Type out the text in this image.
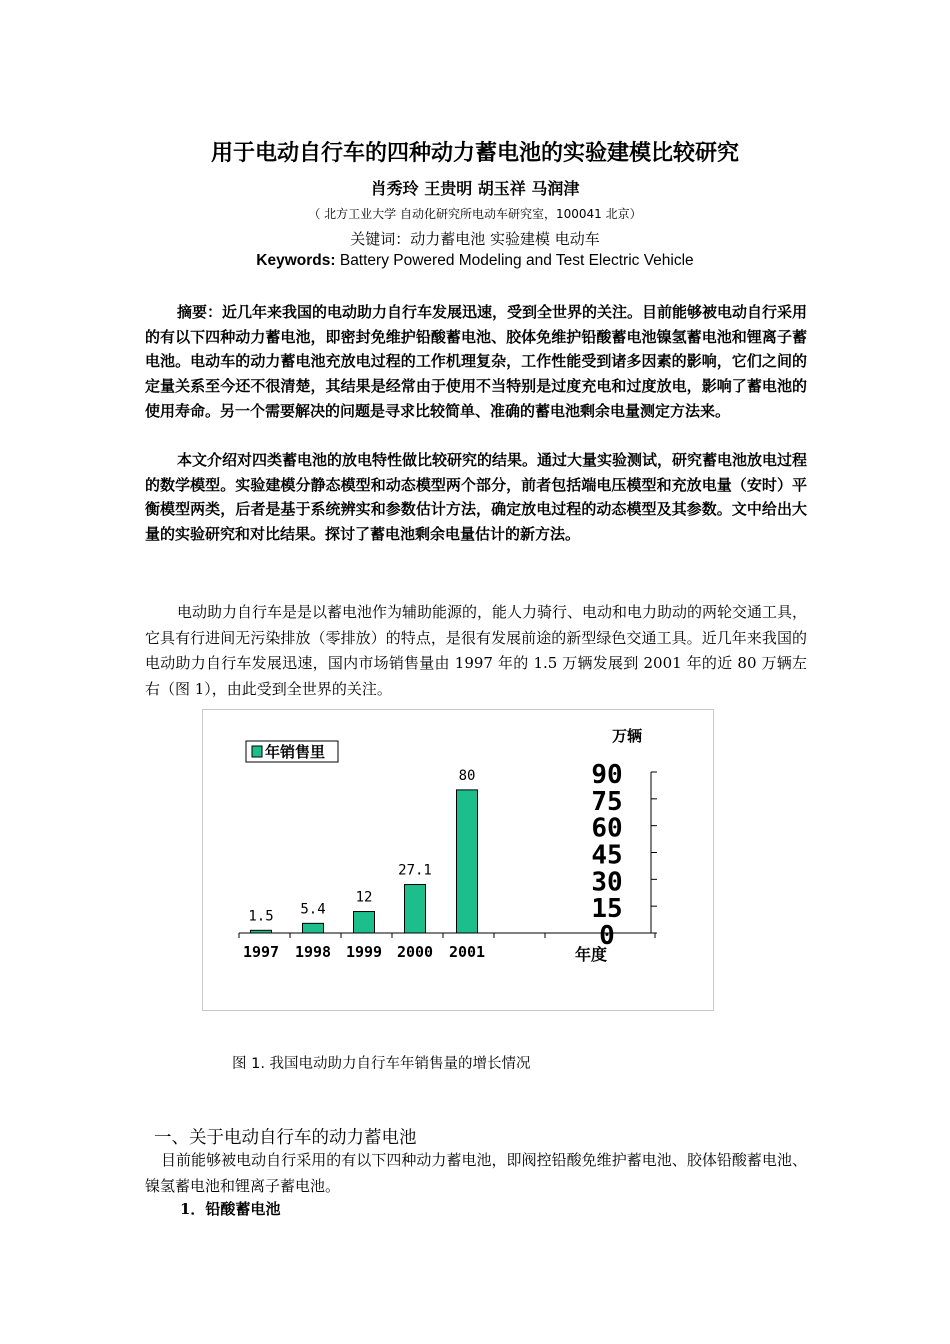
用于电动自行车的四种动力蓄电池的实验建模比较研究
肖秀玲 王贵明 胡玉祥 马润津
（ 北方工业大学 自动化研究所电动车研究室，100041 北京）
关键词：动力蓄电池 实验建模 电动车
Keywords: Battery Powered Modeling and Test Electric Vehicle
摘要：近几年来我国的电动助力自行车发展迅速，受到全世界的关注。目前能够被电动自行采用的有以下四种动力蓄电池，即密封免维护铅酸蓄电池、胶体免维护铅酸蓄电池镍氢蓄电池和锂离子蓄电池。电动车的动力蓄电池充放电过程的工作机理复杂，工作性能受到诸多因素的影响，它们之间的定量关系至今还不很清楚，其结果是经常由于使用不当特别是过度充电和过度放电，影响了蓄电池的使用寿命。另一个需要解决的问题是寻求比较简单、准确的蓄电池剩余电量测定方法来。
本文介绍对四类蓄电池的放电特性做比较研究的结果。通过大量实验测试，研究蓄电池放电过程的数学模型。实验建模分静态模型和动态模型两个部分，前者包括端电压模型和充放电量（安时）平衡模型两类，后者是基于系统辨实和参数估计方法，确定放电过程的动态模型及其参数。文中给出大量的实验研究和对比结果。探讨了蓄电池剩余电量估计的新方法。
电动助力自行车是是以蓄电池作为辅助能源的，能人力骑行、电动和电力助动的两轮交通工具，它具有行进间无污染排放（零排放）的特点，是很有发展前途的新型绿色交通工具。近几年来我国的电动助力自行车发展迅速，国内市场销售量由 1997 年的 1.5 万辆发展到 2001 年的近 80 万辆左右（图 1），由此受到全世界的关注。
1.5
1997
5.4
1998
12
1999
27.1
2000
80
2001	年度
0
15
30
45
60
75
90
万辆
年销售里
图 1. 我国电动助力自行车年销售量的增长情况
一、关于电动自行车的动力蓄电池
目前能够被电动自行采用的有以下四种动力蓄电池，即阀控铅酸免维护蓄电池、胶体铅酸蓄电池、镍氢蓄电池和锂离子蓄电池。
1．铅酸蓄电池
